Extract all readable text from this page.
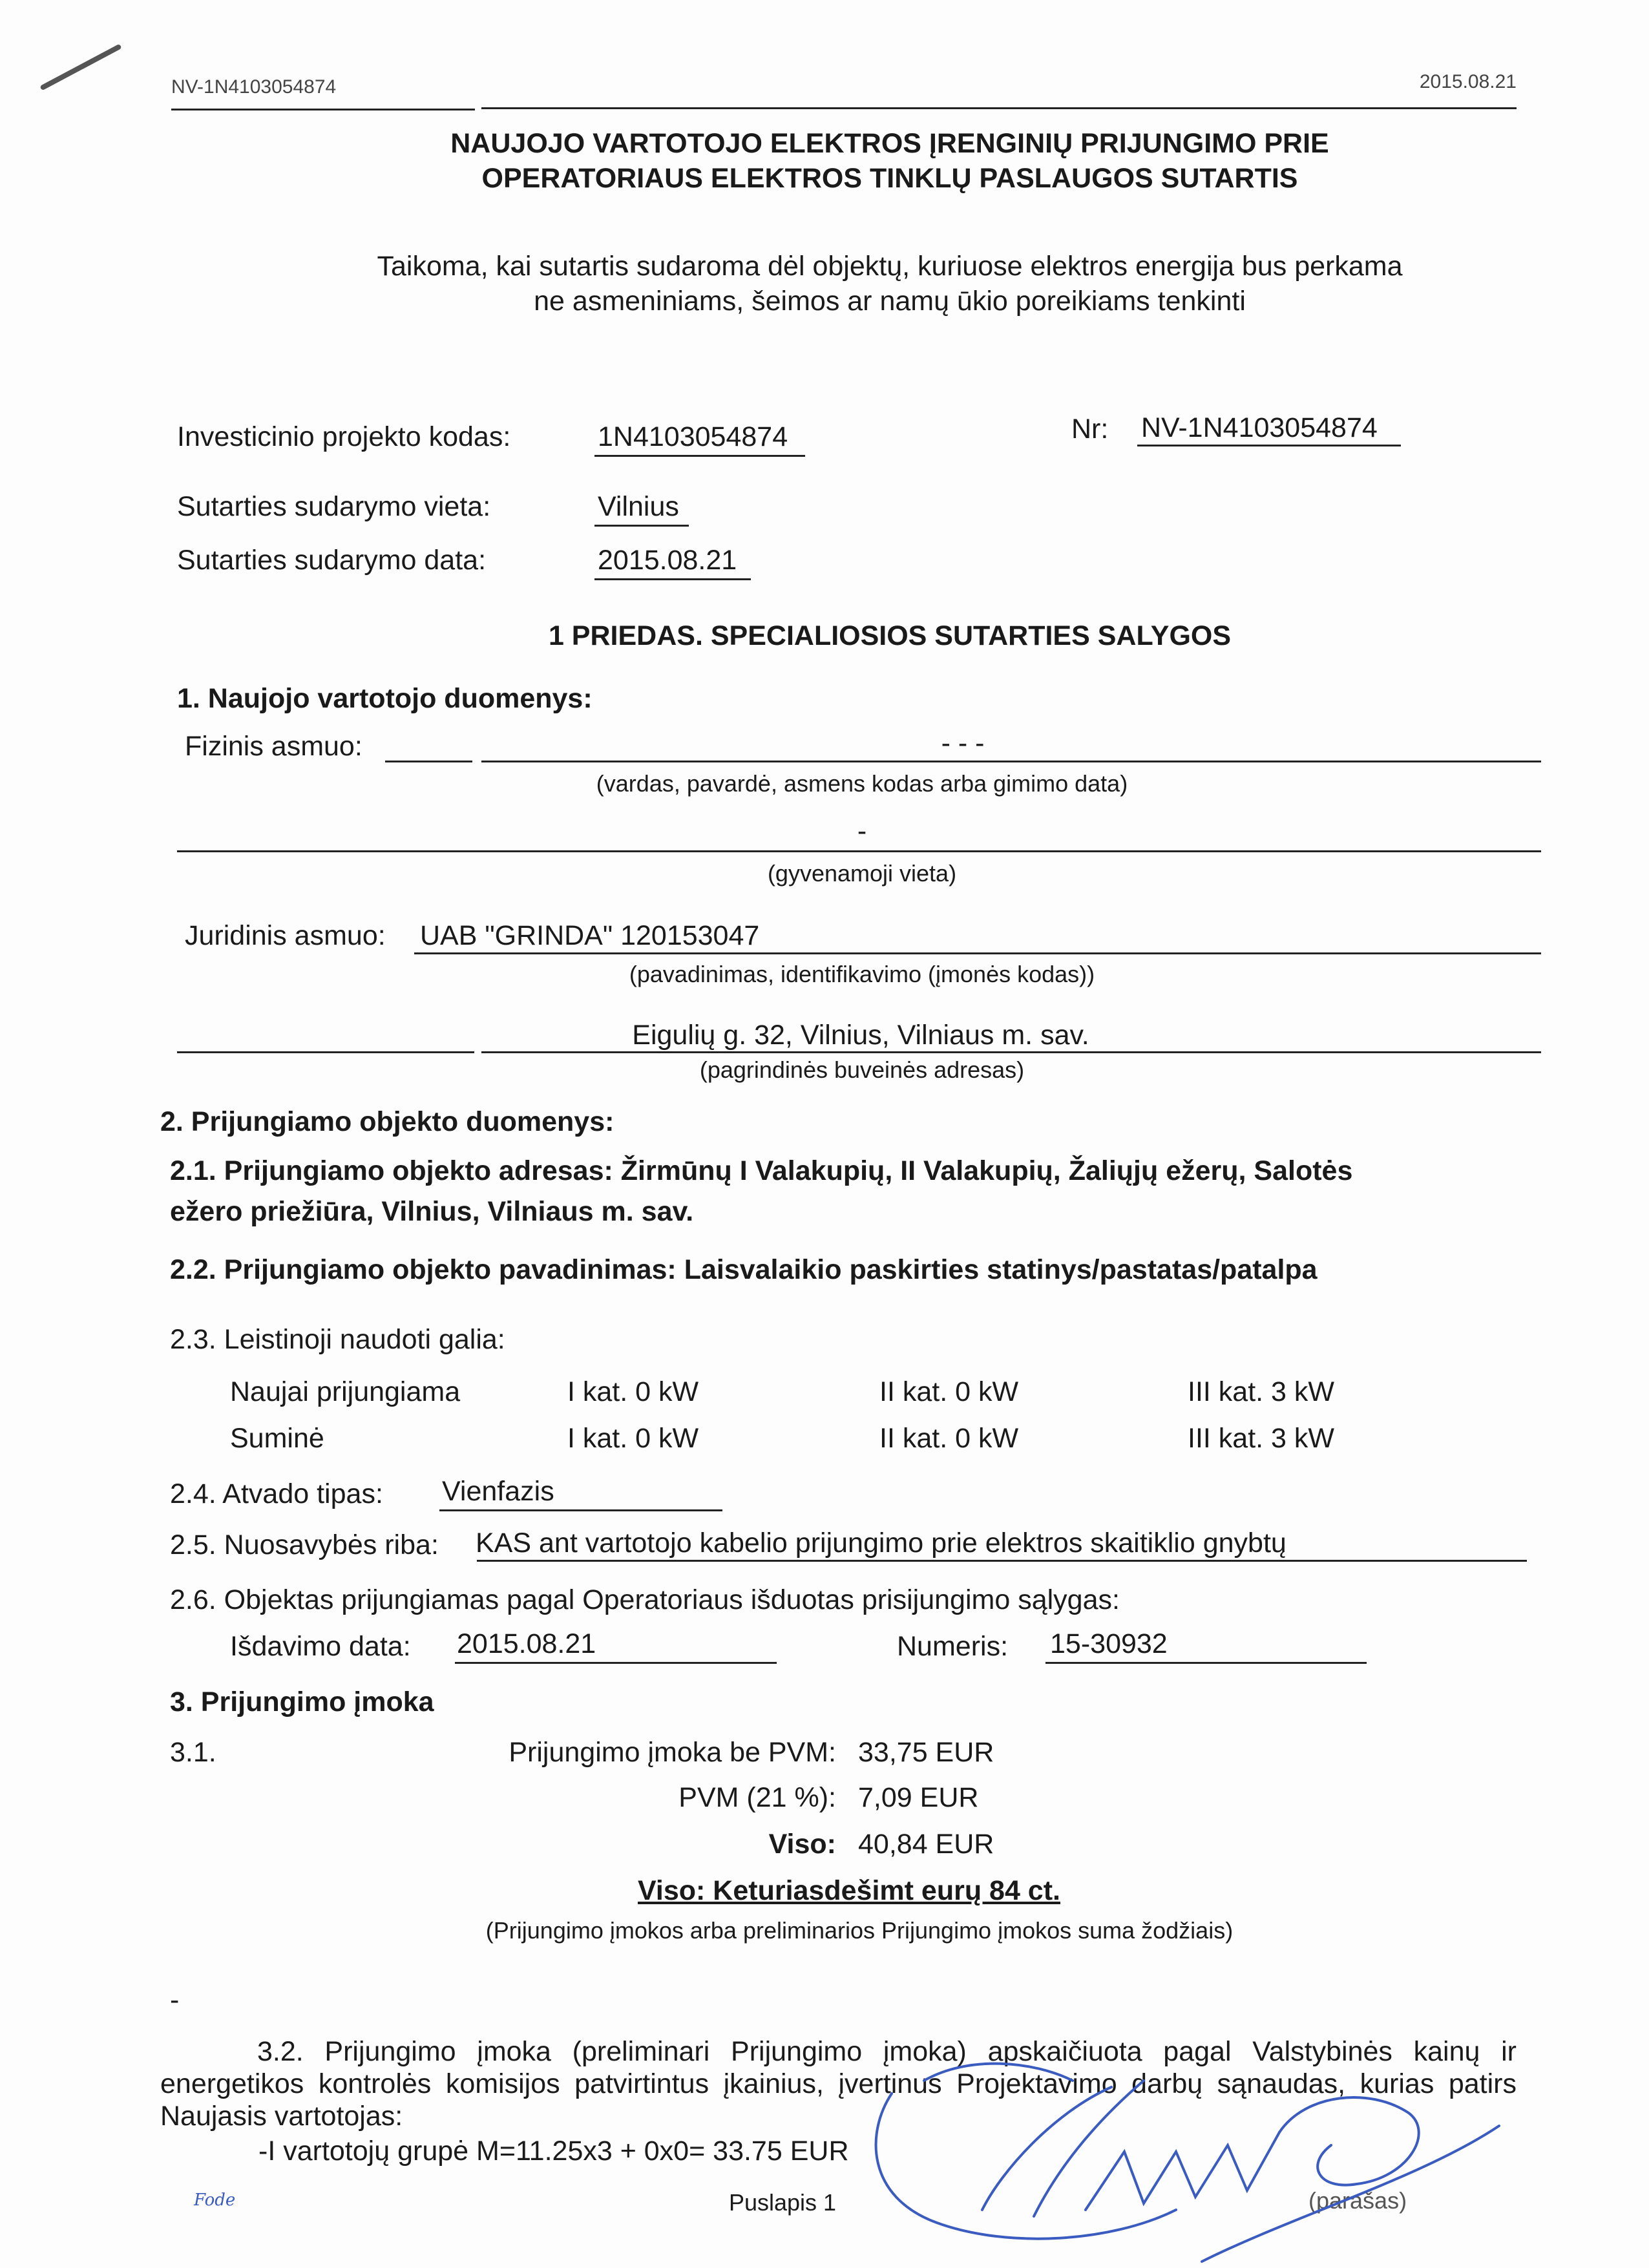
NV-1N4103054874	2015.08.21
NAUJOJO VARTOTOJO ELEKTROS ĮRENGINIŲ PRIJUNGIMO PRIE
OPERATORIAUS ELEKTROS TINKLŲ PASLAUGOS SUTARTIS
Taikoma, kai sutartis sudaroma dėl objektų, kuriuose elektros energija bus perkama
ne asmeniniams, šeimos ar namų ūkio poreikiams tenkinti
Investicinio projekto kodas:	1N4103054874	Nr: NV-1N4103054874
Sutarties sudarymo vieta:	Vilnius
Sutarties sudarymo data:	2015.08.21
1 PRIEDAS. SPECIALIOSIOS SUTARTIES SALYGOS
1. Naujojo vartotojo duomenys:
Fizinis asmuo:	- - -
(vardas, pavardė, asmens kodas arba gimimo data)
-
(gyvenamoji vieta)
Juridinis asmuo: UAB "GRINDA" 120153047
(pavadinimas, identifikavimo (įmonės kodas))
Eigulių g. 32, Vilnius, Vilniaus m. sav.
(pagrindinės buveinės adresas)
2. Prijungiamo objekto duomenys:
2.1. Prijungiamo objekto adresas: Žirmūnų I Valakupių, II Valakupių, Žaliųjų ežerų, Salotės
ežero priežiūra, Vilnius, Vilniaus m. sav.
2.2. Prijungiamo objekto pavadinimas: Laisvalaikio paskirties statinys/pastatas/patalpa
2.3. Leistinoji naudoti galia:
Naujai prijungiama	I kat. 0 kW	II kat. 0 kW	III kat. 3 kW
Suminė	I kat. 0 kW	II kat. 0 kW	III kat. 3 kW
2.4. Atvado tipas: Vienfazis
2.5. Nuosavybės riba: KAS ant vartotojo kabelio prijungimo prie elektros skaitiklio gnybtų
2.6. Objektas prijungiamas pagal Operatoriaus išduotas prisijungimo sąlygas:
Išdavimo data: 2015.08.21	Numeris: 15-30932
3. Prijungimo įmoka
3.1.	Prijungimo įmoka be PVM: 33,75 EUR
PVM (21 %): 7,09 EUR
Viso: 40,84 EUR
Viso: Keturiasdešimt eurų 84 ct.
(Prijungimo įmokos arba preliminarios Prijungimo įmokos suma žodžiais)
-
3.2. Prijungimo įmoka (preliminari Prijungimo įmoka) apskaičiuota pagal Valstybinės kainų ir energetikos kontrolės komisijos patvirtintus įkainius, įvertinus Projektavimo darbų sąnaudas, kurias patirs Naujasis vartotojas:
-I vartotojų grupė M=11.25x3 + 0x0= 33.75 EUR
Puslapis 1	(parašas)
Fode
